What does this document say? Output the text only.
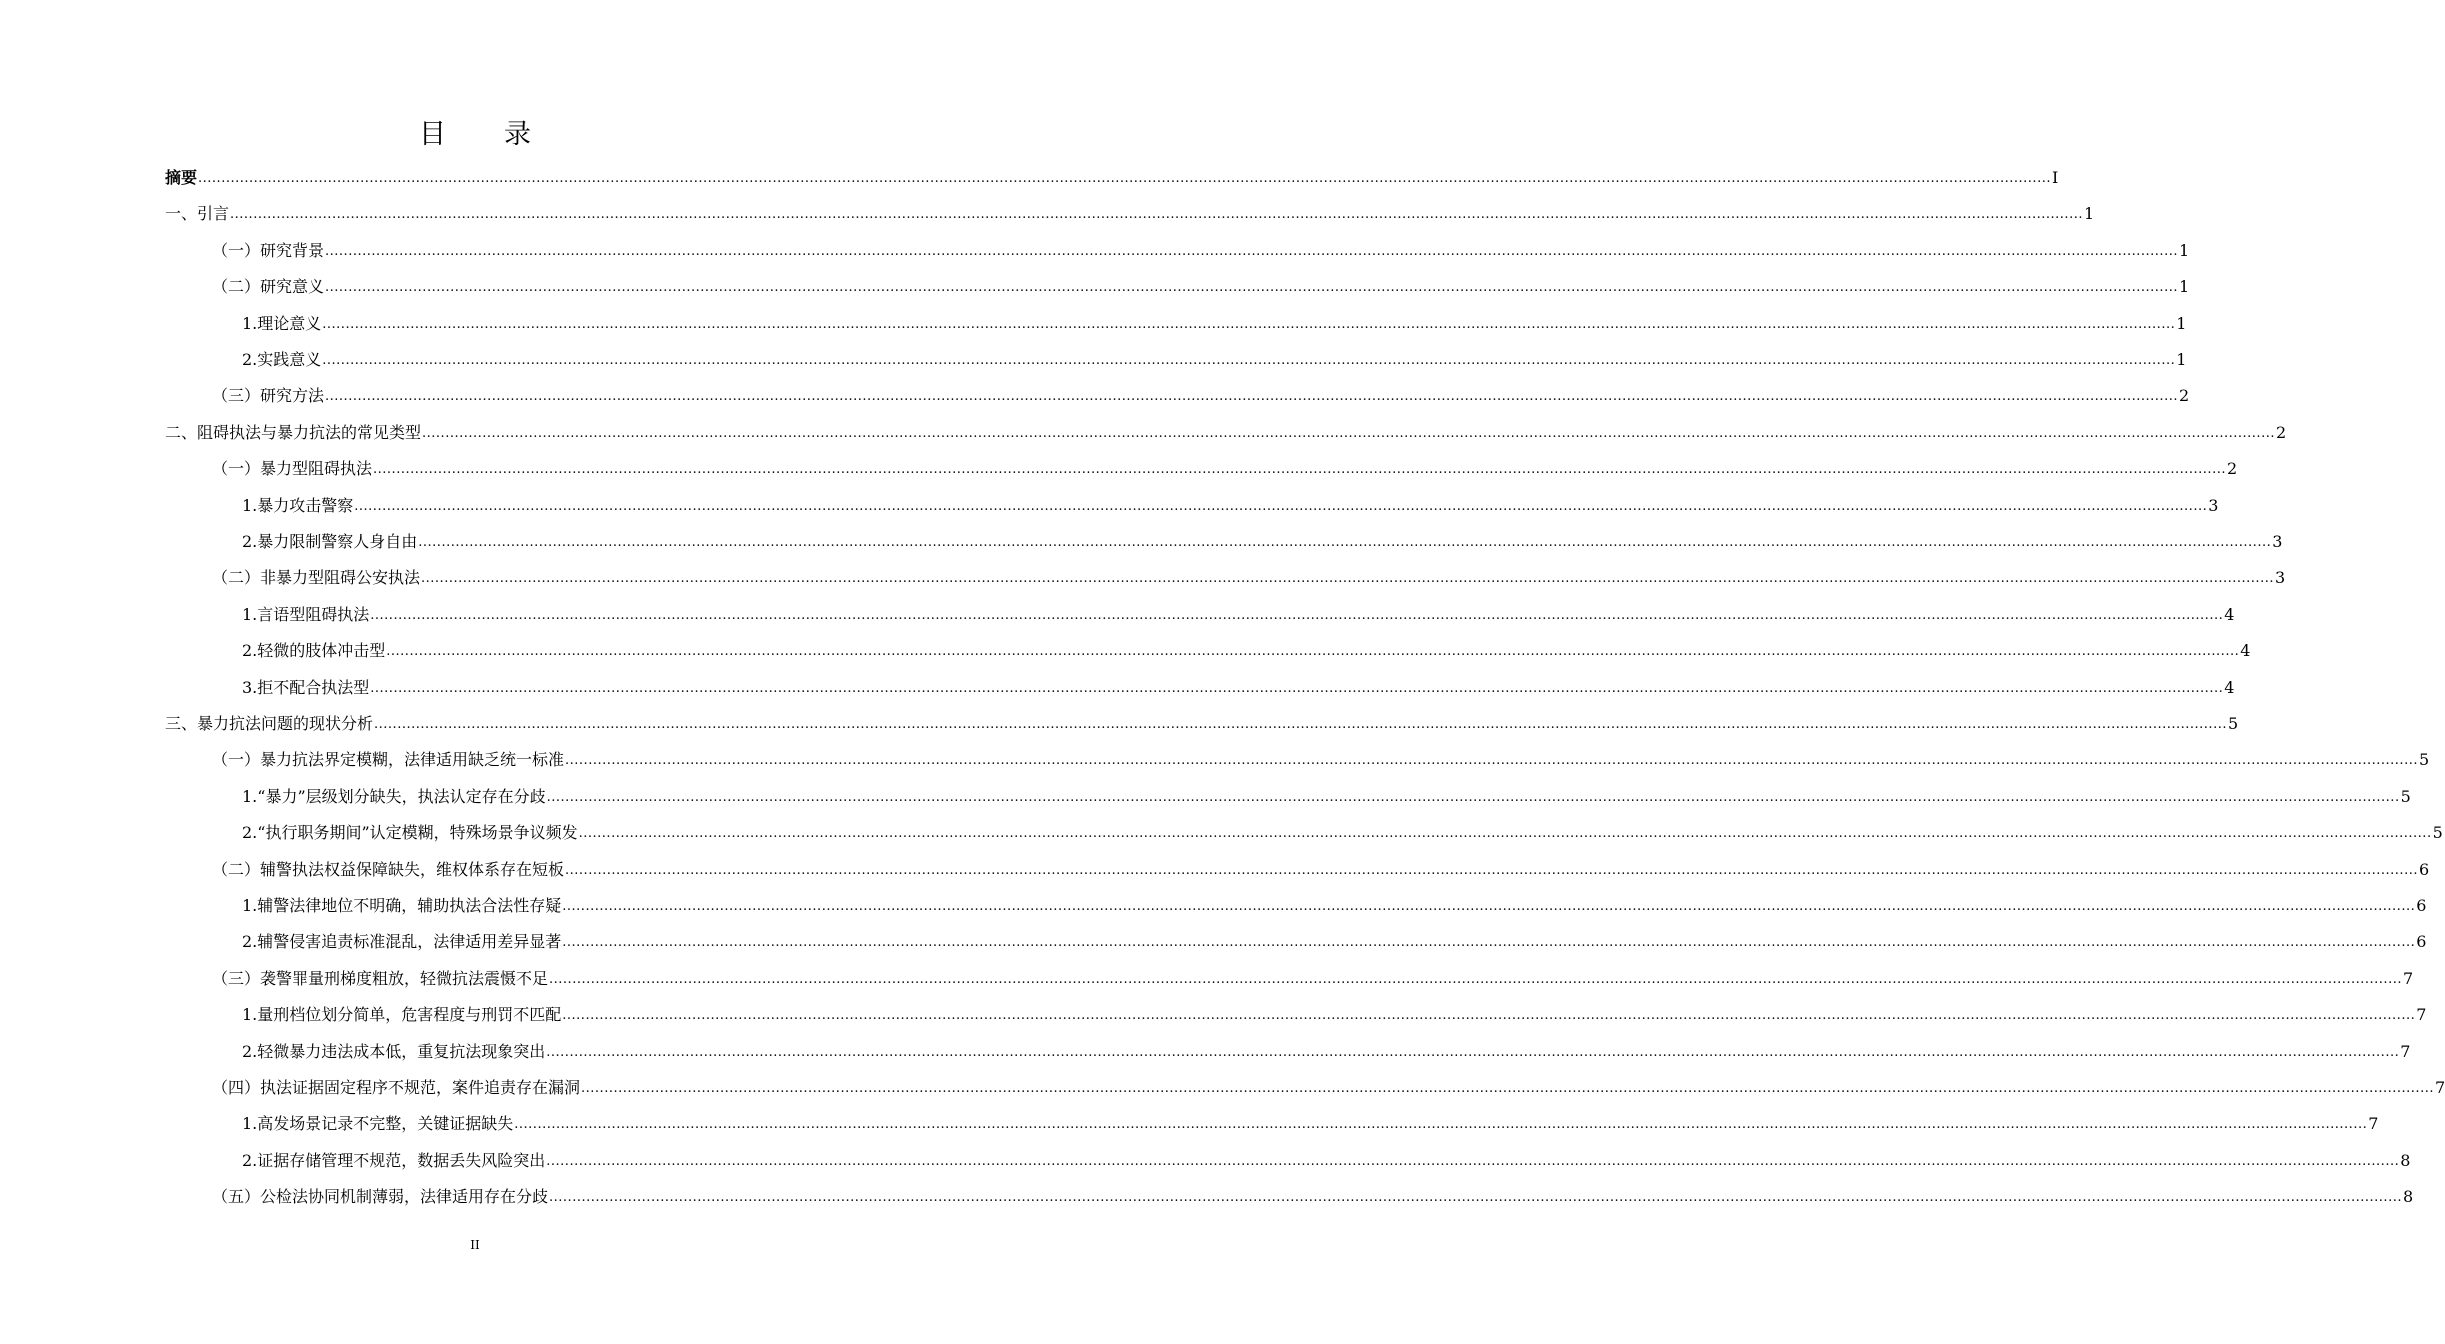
目 录
摘 要 ................................................................................................................................................................................................................................................................................................................................................................................................................ I
一、 引言 ................................................................................................................................................................................................................................................................................................................................................................................................................ 1
（一） 研究背景 ................................................................................................................................................................................................................................................................................................................................................................................................................ 1
（二） 研究意义 ................................................................................................................................................................................................................................................................................................................................................................................................................ 1
1. 理论意义 ................................................................................................................................................................................................................................................................................................................................................................................................................ 1
2. 实践意义 ................................................................................................................................................................................................................................................................................................................................................................................................................ 1
（三） 研究方法 ................................................................................................................................................................................................................................................................................................................................................................................................................ 2
二、 阻碍执法与暴力抗法的常见类型 ................................................................................................................................................................................................................................................................................................................................................................................................................ 2
（一） 暴力型阻碍执法 ................................................................................................................................................................................................................................................................................................................................................................................................................ 2
1. 暴力攻击警察 ................................................................................................................................................................................................................................................................................................................................................................................................................ 3
2. 暴力限制警察人身自由 ................................................................................................................................................................................................................................................................................................................................................................................................................ 3
（二） 非暴力型阻碍公安执法 ................................................................................................................................................................................................................................................................................................................................................................................................................ 3
1. 言语型阻碍执法 ................................................................................................................................................................................................................................................................................................................................................................................................................ 4
2. 轻微的肢体冲击型 ................................................................................................................................................................................................................................................................................................................................................................................................................ 4
3. 拒不配合执法型 ................................................................................................................................................................................................................................................................................................................................................................................................................ 4
三、 暴力抗法问题的现状分析 ................................................................................................................................................................................................................................................................................................................................................................................................................ 5
（一） 暴力抗法界定模糊，法律适用缺乏统一标准 ................................................................................................................................................................................................................................................................................................................................................................................................................ 5
1. “暴力”层级划分缺失，执法认定存在分歧 ................................................................................................................................................................................................................................................................................................................................................................................................................ 5
2. “执行职务期间”认定模糊，特殊场景争议频发 ................................................................................................................................................................................................................................................................................................................................................................................................................ 5
（二） 辅警执法权益保障缺失，维权体系存在短板 ................................................................................................................................................................................................................................................................................................................................................................................................................ 6
1. 辅警法律地位不明确，辅助执法合法性存疑 ................................................................................................................................................................................................................................................................................................................................................................................................................ 6
2. 辅警侵害追责标准混乱，法律适用差异显著 ................................................................................................................................................................................................................................................................................................................................................................................................................ 6
（三） 袭警罪量刑梯度粗放，轻微抗法震慑不足 ................................................................................................................................................................................................................................................................................................................................................................................................................ 7
1. 量刑档位划分简单，危害程度与刑罚不匹配 ................................................................................................................................................................................................................................................................................................................................................................................................................ 7
2. 轻微暴力违法成本低，重复抗法现象突出 ................................................................................................................................................................................................................................................................................................................................................................................................................ 7
（四） 执法证据固定程序不规范，案件追责存在漏洞 ................................................................................................................................................................................................................................................................................................................................................................................................................ 7
1. 高发场景记录不完整，关键证据缺失 ................................................................................................................................................................................................................................................................................................................................................................................................................ 7
2. 证据存储管理不规范，数据丢失风险突出 ................................................................................................................................................................................................................................................................................................................................................................................................................ 8
（五） 公检法协同机制薄弱，法律适用存在分歧 ................................................................................................................................................................................................................................................................................................................................................................................................................ 8
II
